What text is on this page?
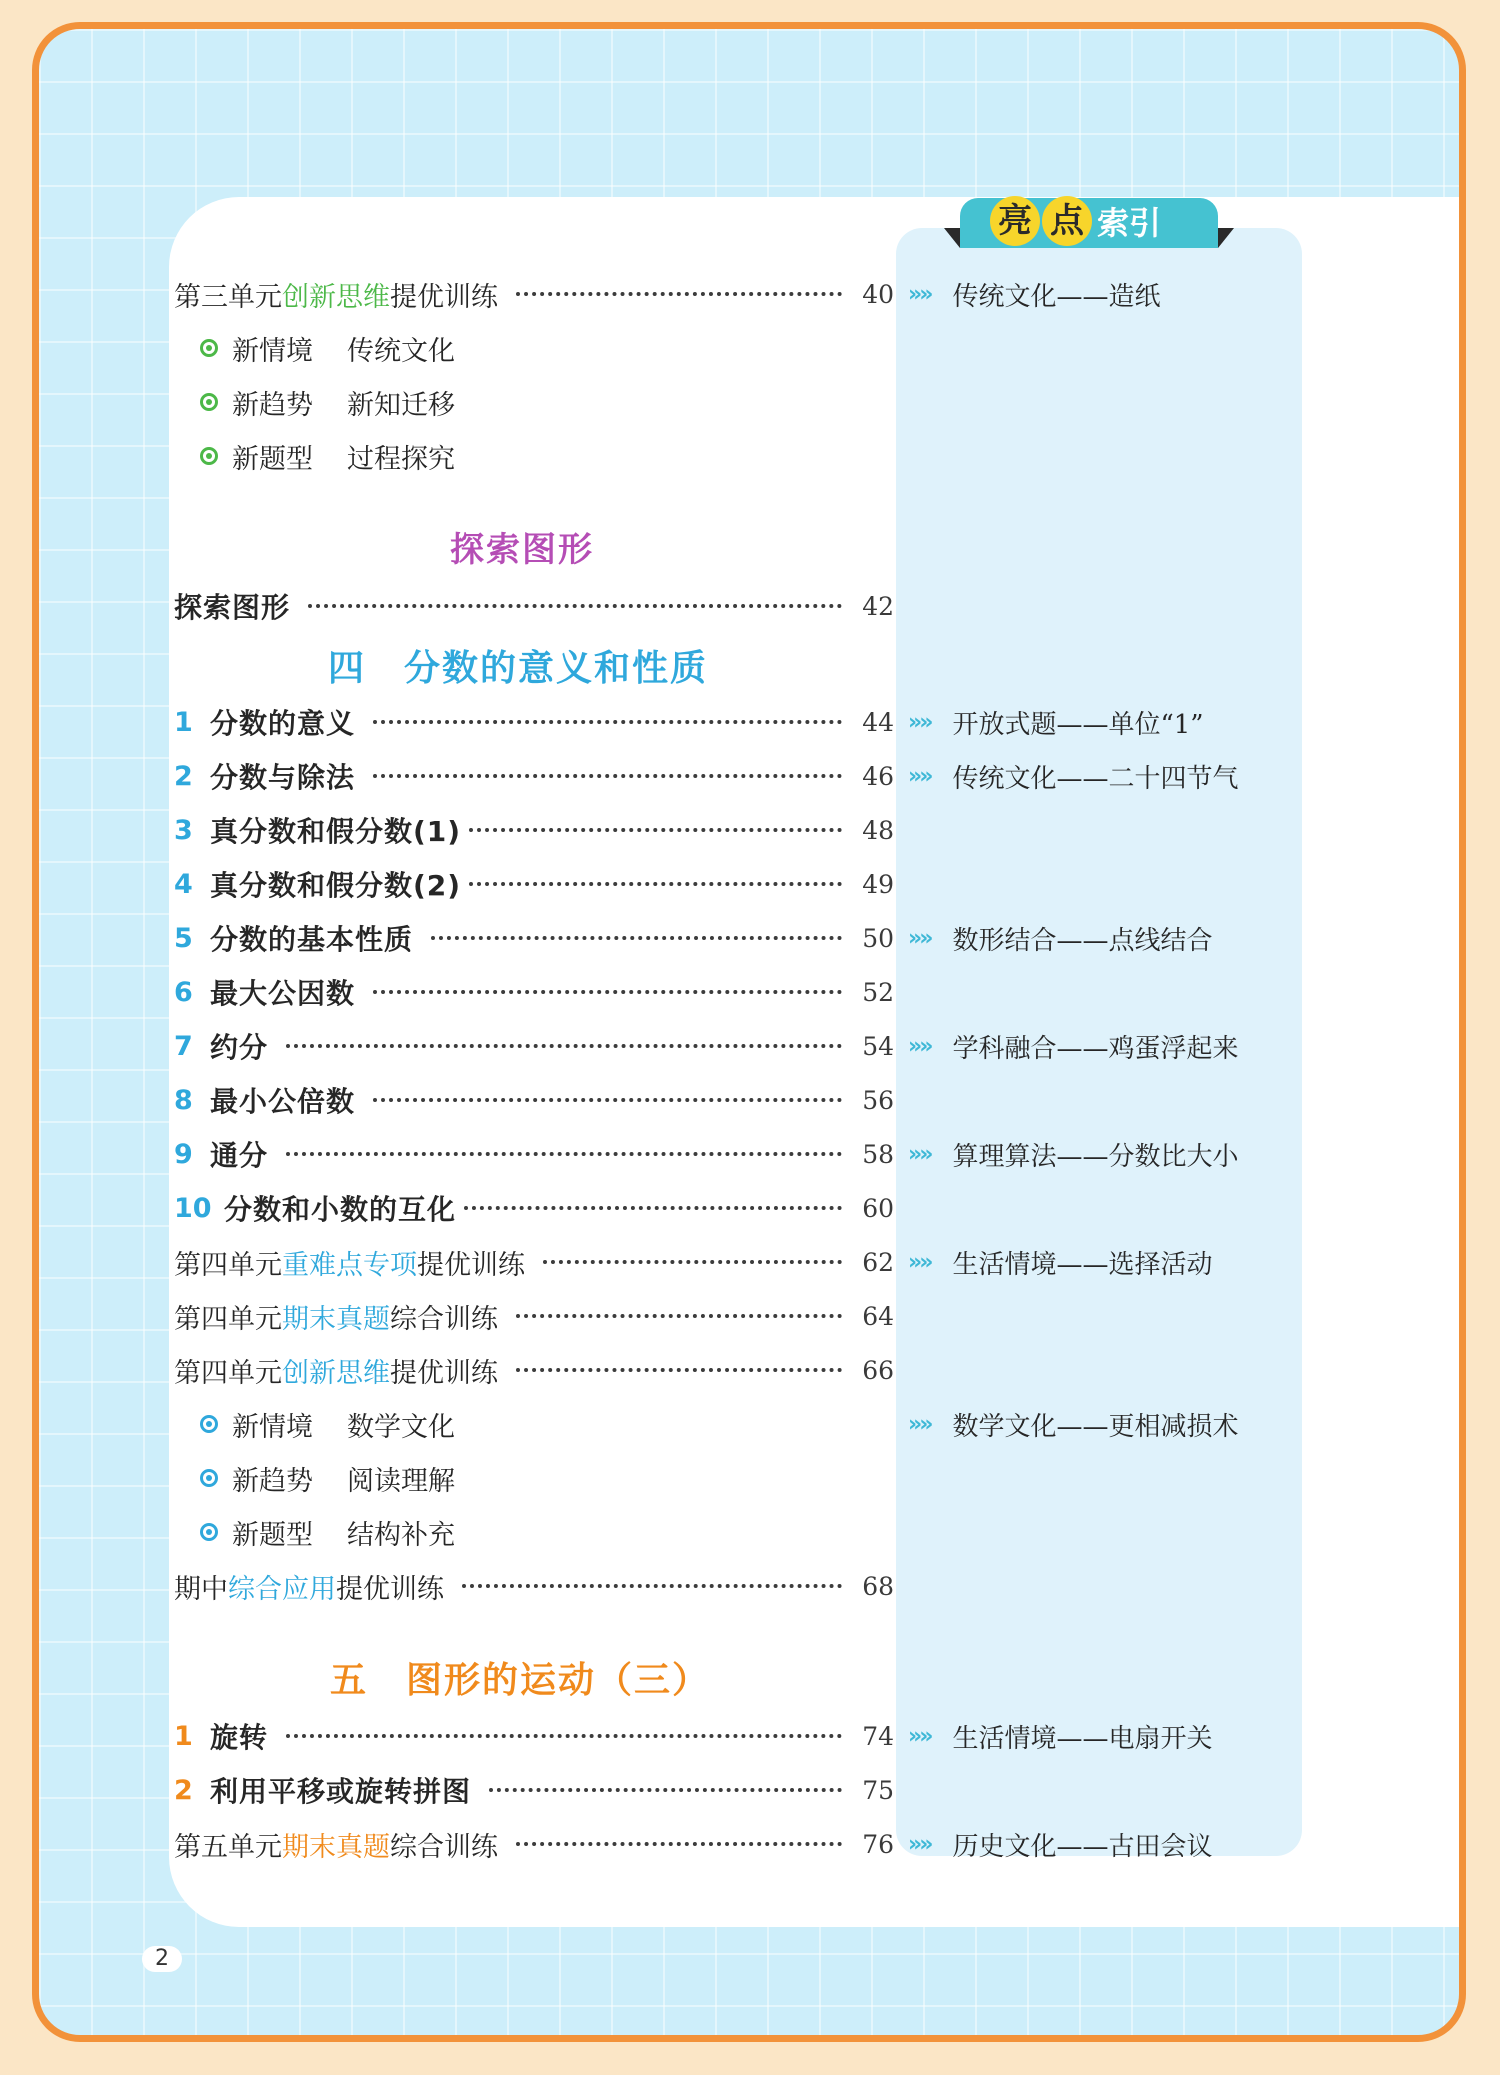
亮 点 索引
第三单元 创新思维 提优训练	40
新情境 传统文化
新趋势 新知迁移
新题型 过程探究
探索图形
探索图形	42
四　分数的意义和性质
1 分数的意义	44
2 分数与除法	46
3 真分数和假分数(1)	48
4 真分数和假分数(2)	49
5 分数的基本性质	50
6 最大公因数	52
7 约分	54
8 最小公倍数	56
9 通分	58
10 分数和小数的互化	60
第四单元 重难点专项 提优训练	62
第四单元 期末真题 综合训练	64
第四单元 创新思维 提优训练	66
新情境 数学文化
新趋势 阅读理解
新题型 结构补充
期中 综合应用 提优训练	68
五　图形的运动（三）
1 旋转	74
2 利用平移或旋转拼图	75
第五单元 期末真题 综合训练	76
»» 传统文化——造纸
»» 开放式题——单位“1”
»» 传统文化——二十四节气
»» 数形结合——点线结合
»» 学科融合——鸡蛋浮起来
»» 算理算法——分数比大小
»» 生活情境——选择活动
»» 数学文化——更相减损术
»» 生活情境——电扇开关
»» 历史文化——古田会议
2
